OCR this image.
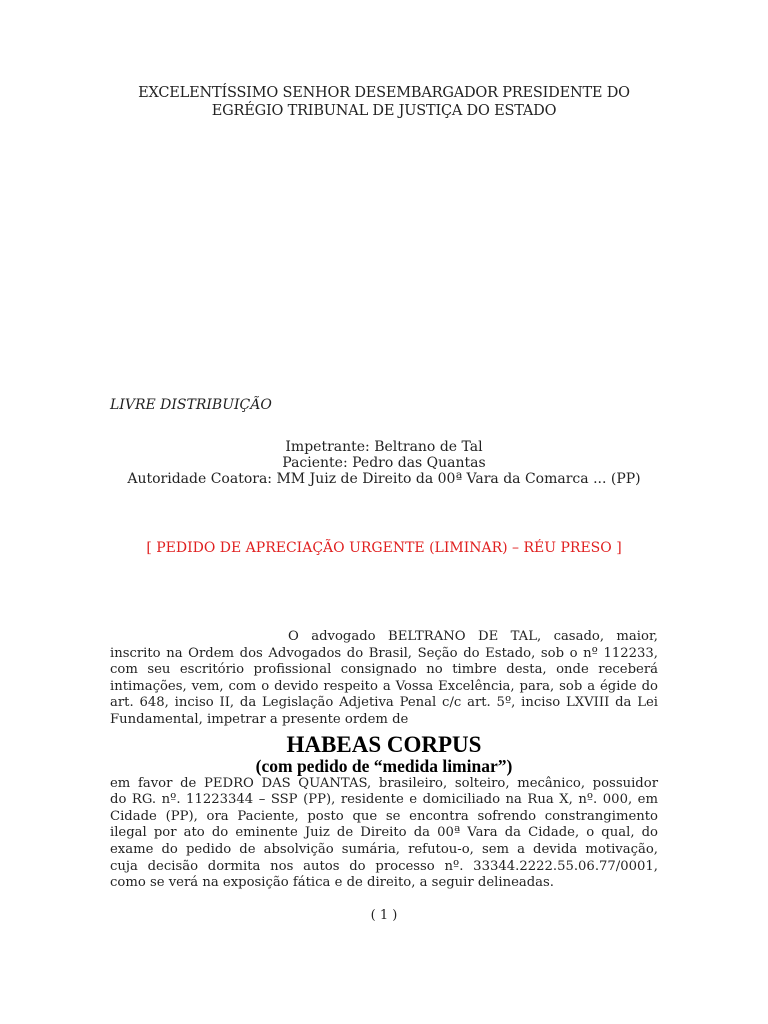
EXCELENTÍSSIMO SENHOR DESEMBARGADOR PRESIDENTE DO
EGRÉGIO TRIBUNAL DE JUSTIÇA DO ESTADO
LIVRE DISTRIBUIÇÃO
Impetrante: Beltrano de Tal
Paciente: Pedro das Quantas
Autoridade Coatora: MM Juiz de Direito da 00ª Vara da Comarca ... (PP)
[ PEDIDO DE APRECIAÇÃO URGENTE (LIMINAR) – RÉU PRESO ]
O advogado BELTRANO DE TAL, casado, maior,
inscrito na Ordem dos Advogados do Brasil, Seção do Estado, sob o nº 112233,
com seu escritório profissional consignado no timbre desta, onde receberá
intimações, vem, com o devido respeito a Vossa Excelência, para, sob a égide do
art. 648, inciso II, da Legislação Adjetiva Penal c/c art. 5º, inciso LXVIII da Lei
Fundamental, impetrar a presente ordem de
HABEAS CORPUS
(com pedido de “medida liminar”)
em favor de PEDRO DAS QUANTAS, brasileiro, solteiro, mecânico, possuidor
do RG. nº. 11223344 – SSP (PP), residente e domiciliado na Rua X, nº. 000, em
Cidade (PP), ora Paciente, posto que se encontra sofrendo constrangimento
ilegal por ato do eminente Juiz de Direito da 00ª Vara da Cidade, o qual, do
exame do pedido de absolvição sumária, refutou-o, sem a devida motivação,
cuja decisão dormita nos autos do processo nº. 33344.2222.55.06.77/0001,
como se verá na exposição fática e de direito, a seguir delineadas.
( 1 )
